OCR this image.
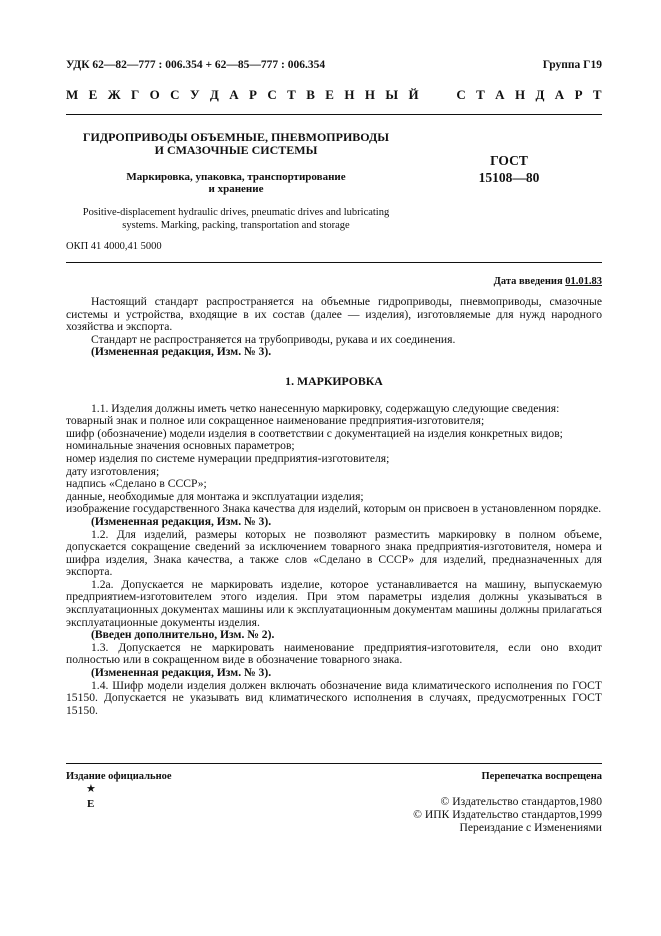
УДК 62—82—777 : 006.354 + 62—85—777 : 006.354	Группа Г19
М Е Ж Г О С У Д А Р С Т В Е Н Н Ы Й

	С Т А Н Д А Р Т
ГИДРОПРИВОДЫ ОБЪЕМНЫЕ, ПНЕВМОПРИВОДЫ
И СМАЗОЧНЫЕ СИСТЕМЫ
Маркировка, упаковка, транспортирование
и хранение
Positive-displacement hydraulic drives, pneumatic drives and lubricating
systems. Marking, packing, transportation and storage
ГОСТ
15108—80
ОКП 41 4000,41 5000
Дата введения 01.01.83

Настоящий стандарт распространяется на объемные гидроприводы, пневмоприводы, смазочные системы и устройства, входящие в их состав (далее — изделия), изготовляемые для нужд народного хозяйства и экспорта.

Стандарт не распространяется на трубоприводы, рукава и их соединения.

(Измененная редакция, Изм. № 3).

1. МАРКИРОВКА

1.1. Изделия должны иметь четко нанесенную маркировку, содержащую следующие сведения:

товарный знак и полное или сокращенное наименование предприятия-изготовителя;

шифр (обозначение) модели изделия в соответствии с документацией на изделия конкретных видов;

номинальные значения основных параметров;

номер изделия по системе нумерации предприятия-изготовителя;

дату изготовления;

надпись «Сделано в СССР»;

данные, необходимые для монтажа и эксплуатации изделия;

изображение государственного Знака качества для изделий, которым он присвоен в установленном порядке.

(Измененная редакция, Изм. № 3).

1.2. Для изделий, размеры которых не позволяют разместить маркировку в полном объеме, допускается сокращение сведений за исключением товарного знака предприятия-изготовителя, номера и шифра изделия, Знака качества, а также слов «Сделано в СССР» для изделий, предназначенных для экспорта.

1.2а. Допускается не маркировать изделие, которое устанавливается на машину, выпускаемую предприятием-изготовителем этого изделия. При этом параметры изделия должны указываться в эксплуатационных документах машины или к эксплуатационным документам машины должны прилагаться эксплуатационные документы изделия.

(Введен дополнительно, Изм. № 2).

1.3. Допускается не маркировать наименование предприятия-изготовителя, если оно входит полностью или в сокращенном виде в обозначение товарного знака.

(Измененная редакция, Изм. № 3).

1.4. Шифр модели изделия должен включать обозначение вида климатического исполнения по ГОСТ 15150. Допускается не указывать вид климатического исполнения в случаях, предусмотренных ГОСТ 15150.

Издание официальное	Перепечатка воспрещена
★
Е	© Издательство стандартов,1980
© ИПК Издательство стандартов,1999
Переиздание с Изменениями
